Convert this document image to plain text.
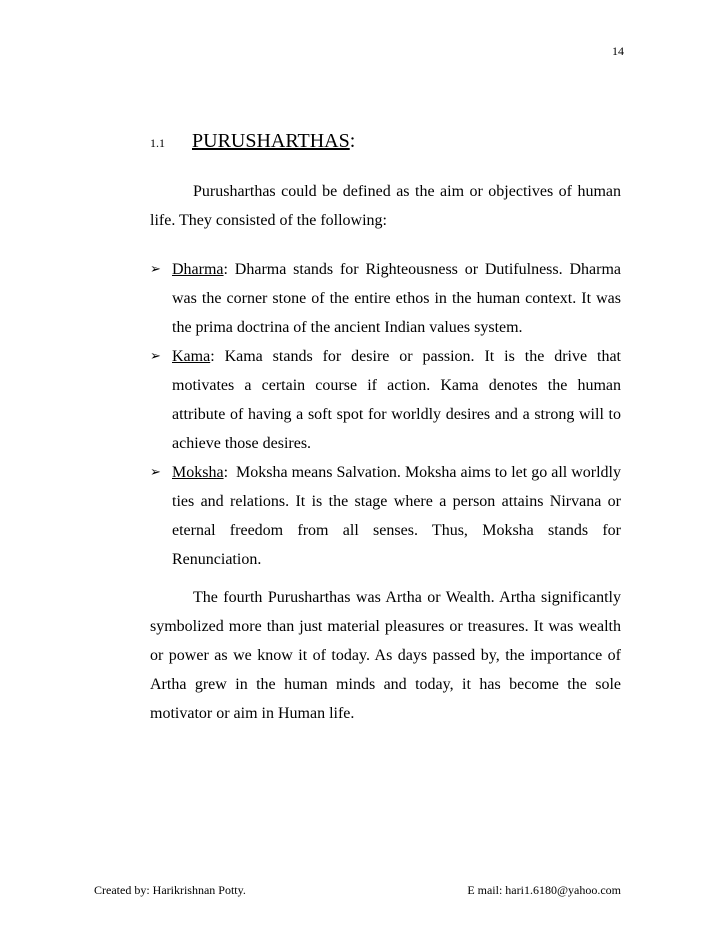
14
1.1 PURUSHARTHAS:

Purusharthas could be defined as the aim or objectives of human life. They consisted of the following:

➢ Dharma: Dharma stands for Righteousness or Dutifulness. Dharma was the corner stone of the entire ethos in the human context. It was the prima doctrina of the ancient Indian values system.
➢ Kama: Kama stands for desire or passion. It is the drive that motivates a certain course if action. Kama denotes the human attribute of having a soft spot for worldly desires and a strong will to achieve those desires.
➢ Moksha:  Moksha means Salvation. Moksha aims to let go all worldly ties and relations. It is the stage where a person attains Nirvana or eternal freedom from all senses. Thus, Moksha stands for Renunciation.

The fourth Purusharthas was Artha or Wealth. Artha significantly symbolized more than just material pleasures or treasures. It was wealth or power as we know it of today. As days passed by, the importance of Artha grew in the human minds and today, it has become the sole motivator or aim in Human life.

Created by: Harikrishnan Potty.	E mail: hari1.6180@yahoo.com
